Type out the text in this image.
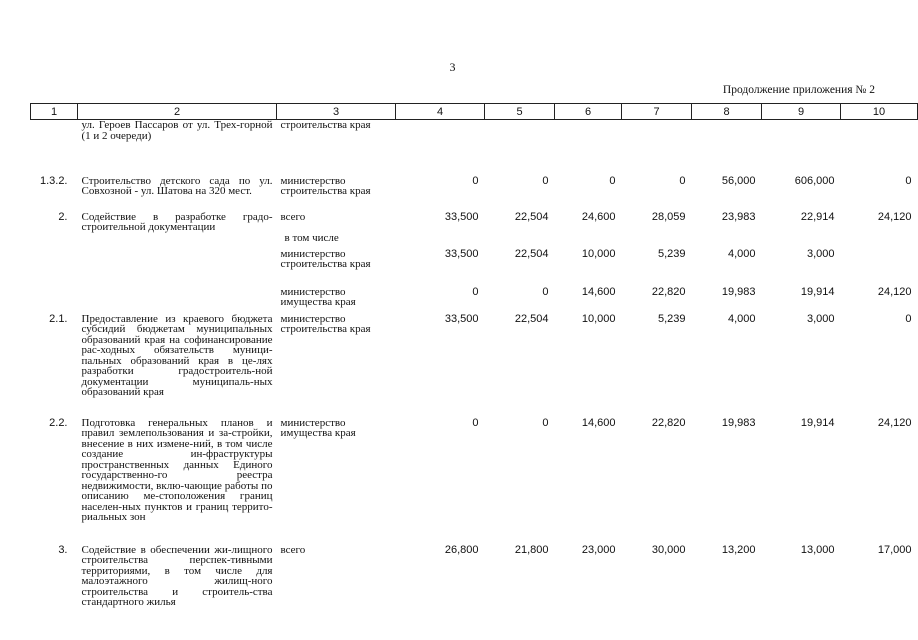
3
Продолжение приложения № 2
1	2	3	4	5	6	7	8	9	10
	ул. Героев Пассаров от ул. Трех-горной (1 и 2 очереди)	строительства края							
1.3.2.	Строительство детского сада по ул. Совхозной - ул. Шатова на 320 мест.	министерство строительства края	0	0	0	0	56,000	606,000	0
2.	Содействие в разработке градо-строительной документации	всего	33,500	22,504	24,600	28,059	23,983	22,914	24,120
		в том числе							
		министерство строительства края	33,500	22,504	10,000	5,239	4,000	3,000	
		министерство имущества края	0	0	14,600	22,820	19,983	19,914	24,120
2.1.	Предоставление из краевого бюджета субсидий бюджетам муниципальных образований края на софинансирование рас-ходных обязательств муници-пальных образований края в це-лях разработки градостроитель-ной документации муниципаль-ных образований края	министерство строительства края	33,500	22,504	10,000	5,239	4,000	3,000	0
2.2.	Подготовка генеральных планов и правил землепользования и за-стройки, внесение в них измене-ний, в том числе создание ин-фраструктуры пространственных данных Единого государственно-го реестра недвижимости, вклю-чающие работы по описанию ме-стоположения границ населен-ных пунктов и границ террито-риальных зон	министерство имущества края	0	0	14,600	22,820	19,983	19,914	24,120
3.	Содействие в обеспечении жи-лищного строительства перспек-тивными территориями, в том числе для малоэтажного жилищ-ного строительства и строитель-ства стандартного жилья	всего	26,800	21,800	23,000	30,000	13,200	13,000	17,000
